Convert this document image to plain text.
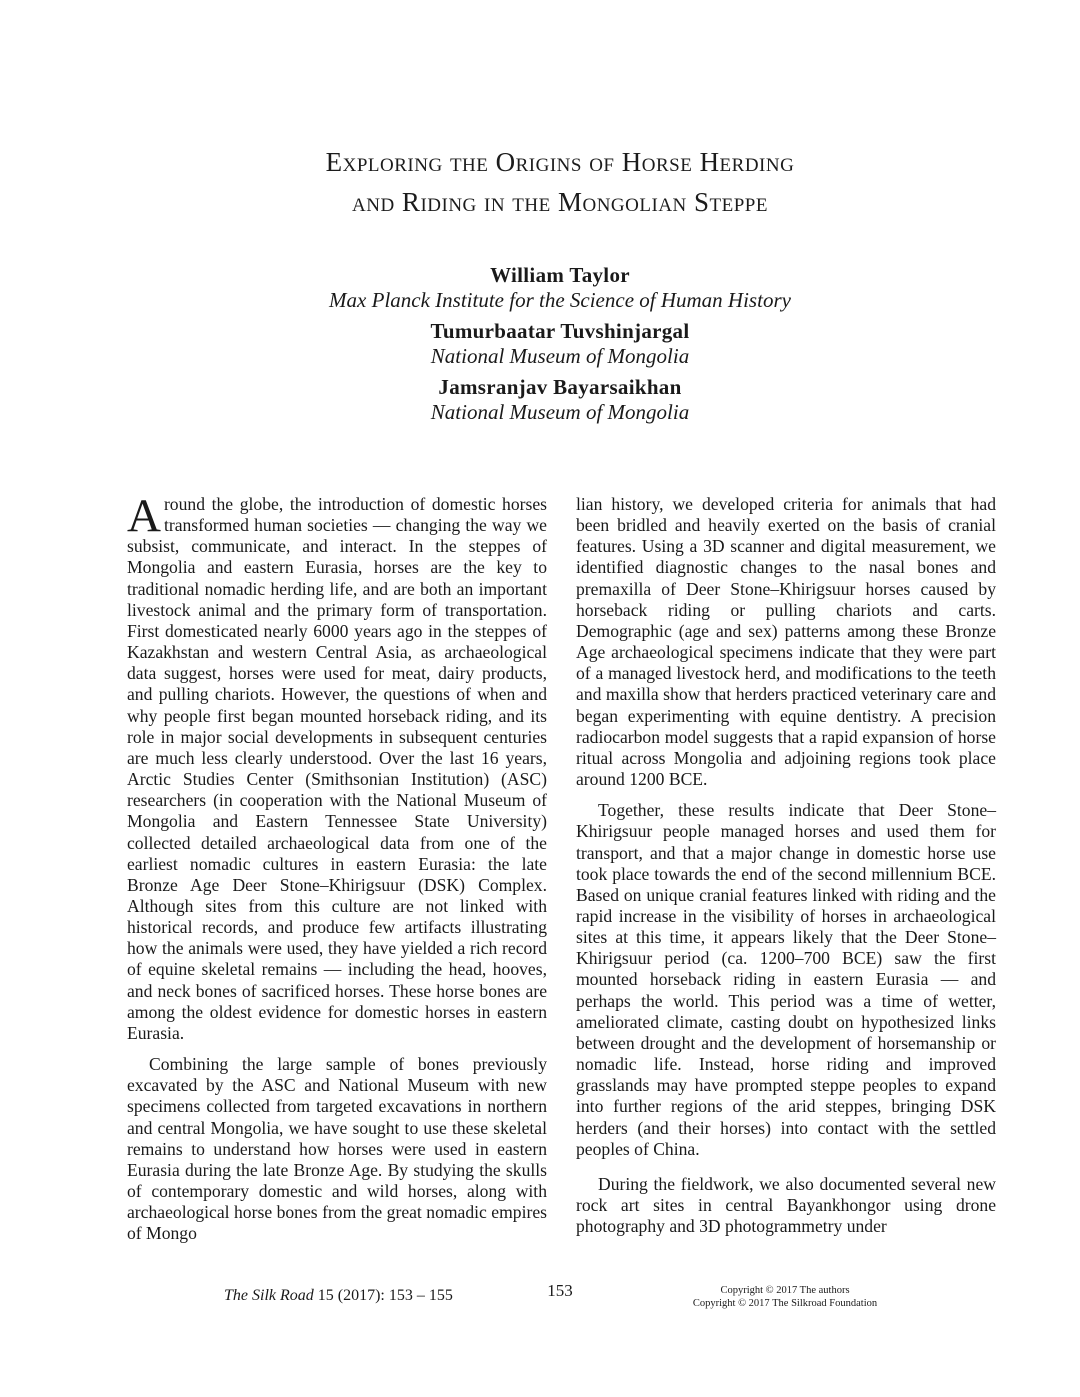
Exploring the Origins of Horse Herding
and Riding in the Mongolian Steppe
William Taylor
Max Planck Institute for the Science of Human History
Tumurbaatar Tuvshinjargal
National Museum of Mongolia
Jamsranjav Bayarsaikhan
National Museum of Mongolia

Around the globe, the introduction of domestic horses transformed human societies — changing the way we subsist, communicate, and interact. In the steppes of Mongolia and eastern Eurasia, horses are the key to traditional nomadic herding life, and are both an important livestock animal and the primary form of transportation. First domesticated nearly 6000 years ago in the steppes of Kazakhstan and western Central Asia, as archaeological data suggest, horses were used for meat, dairy products, and pulling chariots. However, the questions of when and why people first began mounted horseback riding, and its role in major social developments in subsequent centuries are much less clearly understood. Over the last 16 years, Arctic Studies Center (Smithsonian Institution) (ASC) researchers (in cooperation with the National Museum of Mongolia and Eastern Tennessee State University) collected detailed archaeological data from one of the earliest nomadic cultures in eastern Eurasia: the late Bronze Age Deer Stone–Khirigsuur (DSK) Complex. Although sites from this culture are not linked with historical records, and produce few artifacts illustrating how the animals were used, they have yielded a rich record of equine skeletal remains — including the head, hooves, and neck bones of sacrificed horses. These horse bones are among the oldest evidence for domestic horses in eastern Eurasia.

Combining the large sample of bones previously excavated by the ASC and National Museum with new specimens collected from targeted excavations in northern and central Mongolia, we have sought to use these skeletal remains to understand how horses were used in eastern Eurasia during the late Bronze Age. By studying the skulls of contemporary domestic and wild horses, along with archaeological horse bones from the great nomadic empires of Mongo

lian history, we developed criteria for animals that had been bridled and heavily exerted on the basis of cranial features. Using a 3D scanner and digital measurement, we identified diagnostic changes to the nasal bones and premaxilla of Deer Stone–Khirigsuur horses caused by horseback riding or pulling chariots and carts. Demographic (age and sex) patterns among these Bronze Age archaeological specimens indicate that they were part of a managed livestock herd, and modifications to the teeth and maxilla show that herders practiced veterinary care and began experimenting with equine dentistry. A precision radiocarbon model suggests that a rapid expansion of horse ritual across Mongolia and adjoining regions took place around 1200 BCE.

Together, these results indicate that Deer Stone–Khirigsuur people managed horses and used them for transport, and that a major change in domestic horse use took place towards the end of the second millennium BCE. Based on unique cranial features linked with riding and the rapid increase in the visibility of horses in archaeological sites at this time, it appears likely that the Deer Stone–Khirigsuur period (ca. 1200–700 BCE) saw the first mounted horseback riding in eastern Eurasia — and perhaps the world. This period was a time of wetter, ameliorated climate, casting doubt on hypothesized links between drought and the development of horsemanship or nomadic life. Instead, horse riding and improved grasslands may have prompted steppe peoples to expand into further regions of the arid steppes, bringing DSK herders (and their horses) into contact with the settled peoples of China.

During the fieldwork, we also documented several new rock art sites in central Bayankhongor using drone photography and 3D photogrammetry under

The Silk Road 15 (2017): 153 – 155	153	Copyright © 2017 The authors
Copyright © 2017 The Silkroad Foundation
